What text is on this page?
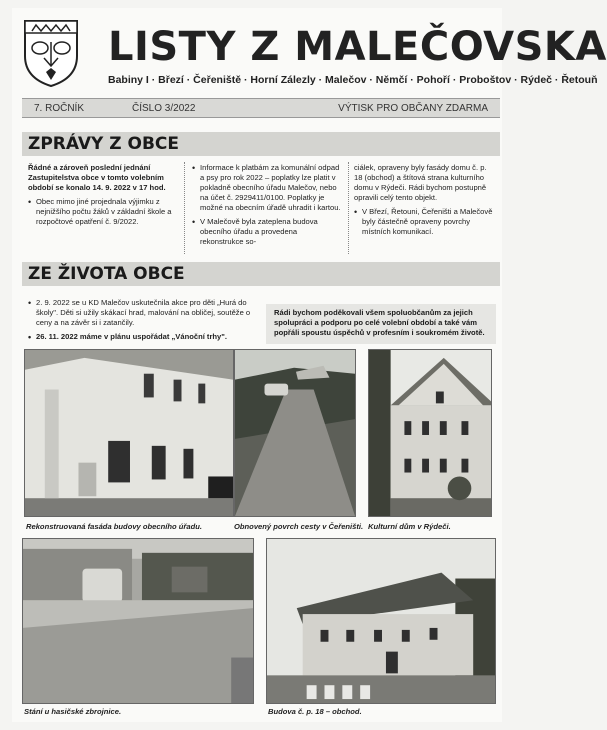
LISTY Z MALEČOVSKA
Babiny I · Březí · Čeřeniště · Horní Zálezly · Malečov · Němčí · Pohoří · Proboštov · Rýdeč · Řetouň
7. ROČNÍK	ČÍSLO 3/2022	VÝTISK PRO OBČANY ZDARMA
ZPRÁVY Z OBCE

Řádné a zároveň poslední jednání Zastupitelstva obce v tomto volebním období se konalo 14. 9. 2022 v 17 hod.

• Obec mimo jiné projednala výjimku z nejnižšího počtu žáků v základní škole a rozpočtové opatření č. 9/2022.

• Informace k platbám za komunální odpad a psy pro rok 2022 – poplatky lze platit v pokladně obecního úřadu Malečov, nebo na účet č. 2929411/0100. Poplatky je možné na obecním úřadě uhradit i kartou.

• V Malečově byla zateplena budova obecního úřadu a provedena rekonstrukce so-

ciálek, opraveny byly fasády domu č. p. 18 (obchod) a štítová strana kulturního domu v Rýdeči. Rádi bychom postupně opravili celý tento objekt.

• V Březí, Řetouni, Čeřeništi a Malečově byly částečně opraveny povrchy místních komunikací.

ZE ŽIVOTA OBCE

• 2. 9. 2022 se u KD Malečov uskutečnila akce pro děti „Hurá do školy". Děti si užily skákací hrad, malování na obličej, soutěže o ceny a na závěr si i zatančily.

• 26. 11. 2022 máme v plánu uspořádat „Vánoční trhy".

Rádi bychom poděkovali všem spoluobčanům za jejich spolupráci a podporu po celé volební období a také vám popřáli spoustu úspěchů v profesním i soukromém životě.
Rekonstruovaná fasáda budovy obecního úřadu.	Obnovený povrch cesty v Čeřeništi. Kulturní dům v Rýdeči.
Stání u hasičské zbrojnice.	Budova č. p. 18 – obchod.
